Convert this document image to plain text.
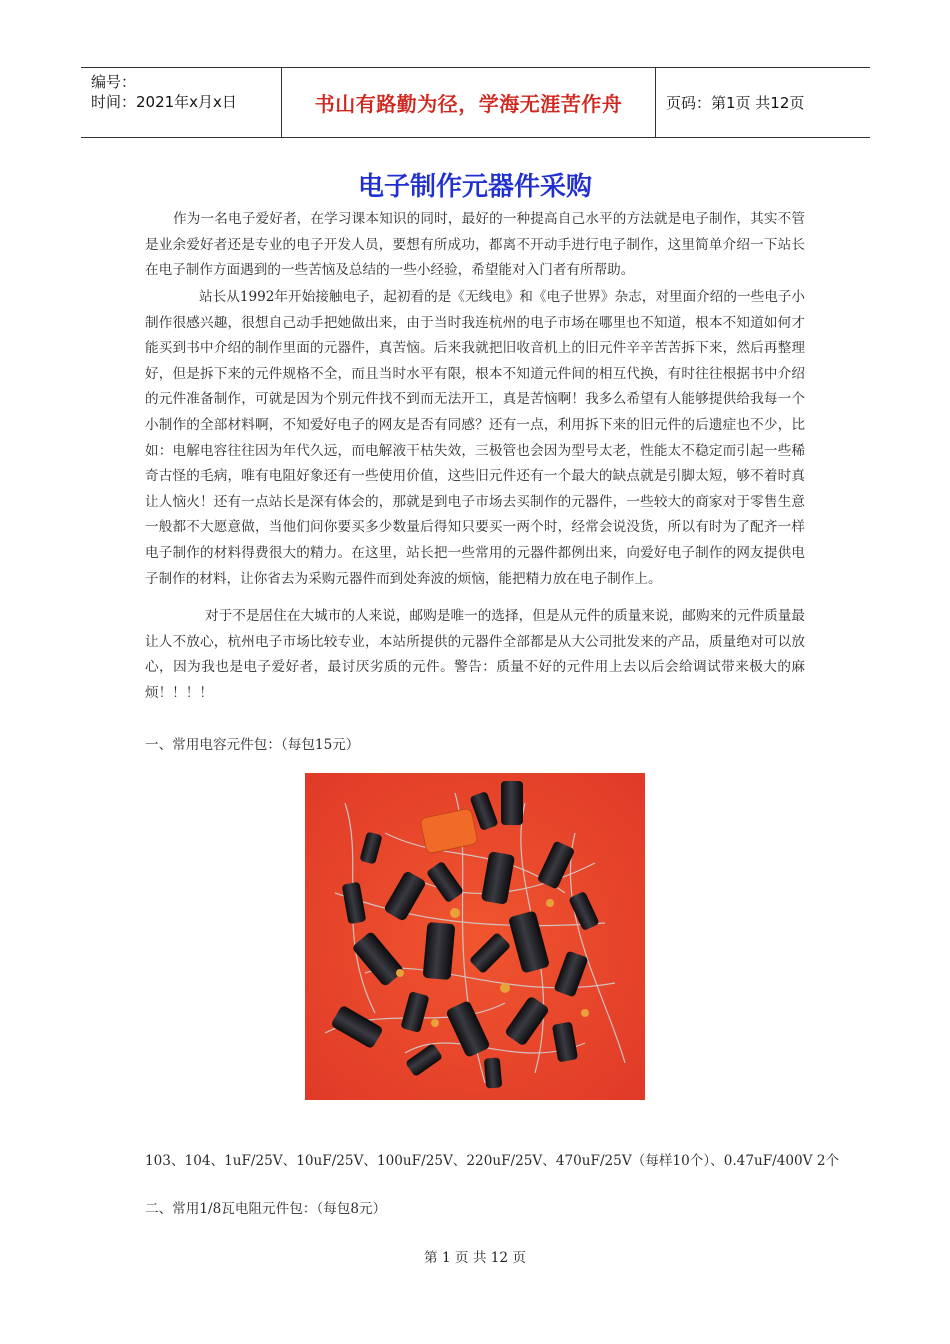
编号：
时间：2021年x月x日	书山有路勤为径，学海无涯苦作舟	页码：第1页 共12页
电子制作元器件采购

作为一名电子爱好者，在学习课本知识的同时，最好的一种提高自己水平的方法就是电子制作，其实不管是业余爱好者还是专业的电子开发人员，要想有所成功，都离不开动手进行电子制作，这里简单介绍一下站长在电子制作方面遇到的一些苦恼及总结的一些小经验，希望能对入门者有所帮助。

站长从1992年开始接触电子，起初看的是《无线电》和《电子世界》杂志，对里面介绍的一些电子小制作很感兴趣，很想自己动手把她做出来，由于当时我连杭州的电子市场在哪里也不知道，根本不知道如何才能买到书中介绍的制作里面的元器件，真苦恼。后来我就把旧收音机上的旧元件辛辛苦苦拆下来，然后再整理好，但是拆下来的元件规格不全，而且当时水平有限，根本不知道元件间的相互代换，有时往往根据书中介绍的元件准备制作，可就是因为个别元件找不到而无法开工，真是苦恼啊！我多么希望有人能够提供给我每一个小制作的全部材料啊，不知爱好电子的网友是否有同感？还有一点，利用拆下来的旧元件的后遗症也不少，比如：电解电容往往因为年代久远，而电解液干枯失效，三极管也会因为型号太老，性能太不稳定而引起一些稀奇古怪的毛病，唯有电阻好象还有一些使用价值，这些旧元件还有一个最大的缺点就是引脚太短，够不着时真让人恼火！还有一点站长是深有体会的，那就是到电子市场去买制作的元器件，一些较大的商家对于零售生意一般都不大愿意做，当他们问你要买多少数量后得知只要买一两个时，经常会说没货，所以有时为了配齐一样电子制作的材料得费很大的精力。在这里，站长把一些常用的元器件都例出来，向爱好电子制作的网友提供电子制作的材料，让你省去为采购元器件而到处奔波的烦恼，能把精力放在电子制作上。

对于不是居住在大城市的人来说，邮购是唯一的选择，但是从元件的质量来说，邮购来的元件质量最让人不放心，杭州电子市场比较专业，本站所提供的元器件全部都是从大公司批发来的产品，质量绝对可以放心，因为我也是电子爱好者，最讨厌劣质的元件。警告：质量不好的元件用上去以后会给调试带来极大的麻烦！！！！

一、常用电容元件包：（每包15元）
103、104、1uF/25V、10uF/25V、100uF/25V、220uF/25V、470uF/25V（每样10个）、0.47uF/400V 2个
二、常用1/8瓦电阻元件包：（每包8元）
第 1 页 共 12 页
